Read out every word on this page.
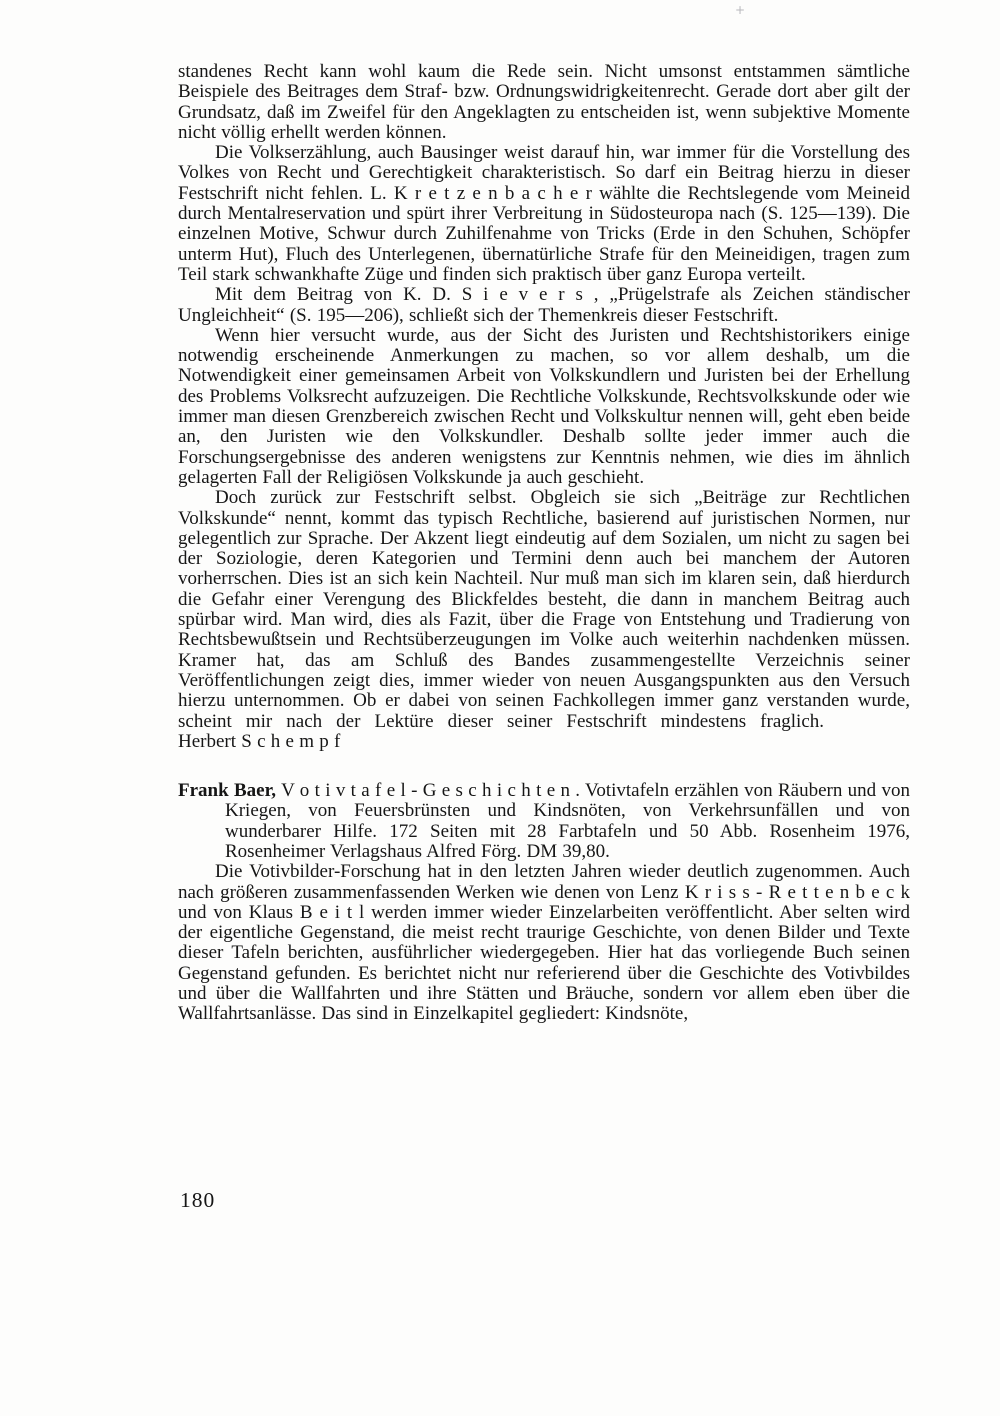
+

standenes Recht kann wohl kaum die Rede sein. Nicht umsonst entstammen sämtliche Beispiele des Beitrages dem Straf- bzw. Ordnungswidrigkeitenrecht. Gerade dort aber gilt der Grundsatz, daß im Zweifel für den Angeklagten zu entscheiden ist, wenn subjektive Momente nicht völlig erhellt werden können.

Die Volkserzählung, auch Bausinger weist darauf hin, war immer für die Vorstellung des Volkes von Recht und Gerechtigkeit charakteristisch. So darf ein Beitrag hierzu in dieser Festschrift nicht fehlen. L. K r e t z e n b a c h e r wählte die Rechtslegende vom Meineid durch Mentalreservation und spürt ihrer Verbreitung in Südosteuropa nach (S. 125—139). Die einzelnen Motive, Schwur durch Zuhilfenahme von Tricks (Erde in den Schuhen, Schöpfer unterm Hut), Fluch des Unterlegenen, übernatürliche Strafe für den Meineidigen, tragen zum Teil stark schwankhafte Züge und finden sich praktisch über ganz Europa verteilt.

Mit dem Beitrag von K. D. S i e v e r s , „Prügelstrafe als Zeichen ständischer Ungleichheit“ (S. 195—206), schließt sich der Themenkreis dieser Festschrift.

Wenn hier versucht wurde, aus der Sicht des Juristen und Rechtshistorikers einige notwendig erscheinende Anmerkungen zu machen, so vor allem deshalb, um die Notwendigkeit einer gemeinsamen Arbeit von Volkskundlern und Juristen bei der Erhellung des Problems Volksrecht aufzuzeigen. Die Rechtliche Volkskunde, Rechtsvolkskunde oder wie immer man diesen Grenzbereich zwischen Recht und Volkskultur nennen will, geht eben beide an, den Juristen wie den Volkskundler. Deshalb sollte jeder immer auch die Forschungsergebnisse des anderen wenigstens zur Kenntnis nehmen, wie dies im ähnlich gelagerten Fall der Religiösen Volkskunde ja auch geschieht.

Doch zurück zur Festschrift selbst. Obgleich sie sich „Beiträge zur Rechtlichen Volkskunde“ nennt, kommt das typisch Rechtliche, basierend auf juristischen Normen, nur gelegentlich zur Sprache. Der Akzent liegt eindeutig auf dem Sozialen, um nicht zu sagen bei der Soziologie, deren Kategorien und Termini denn auch bei manchem der Autoren vorherrschen. Dies ist an sich kein Nachteil. Nur muß man sich im klaren sein, daß hierdurch die Gefahr einer Verengung des Blickfeldes besteht, die dann in manchem Beitrag auch spürbar wird. Man wird, dies als Fazit, über die Frage von Entstehung und Tradierung von Rechtsbewußtsein und Rechtsüberzeugungen im Volke auch weiterhin nachdenken müssen. Kramer hat, das am Schluß des Bandes zusammengestellte Verzeichnis seiner Veröffentlichungen zeigt dies, immer wieder von neuen Ausgangspunkten aus den Versuch hierzu unternommen. Ob er dabei von seinen Fachkollegen immer ganz verstanden wurde, scheint mir nach der Lektüre dieser seiner Festschrift mindestens fraglich.Herbert S c h e m p f

Frank Baer, V o t i v t a f e l - G e s c h i c h t e n . Votivtafeln erzählen von Räubern und von Kriegen, von Feuersbrünsten und Kindsnöten, von Verkehrsunfällen und von wunderbarer Hilfe. 172 Seiten mit 28 Farbtafeln und 50 Abb. Rosenheim 1976, Rosenheimer Verlagshaus Alfred Förg. DM 39,80.

Die Votivbilder-Forschung hat in den letzten Jahren wieder deutlich zugenommen. Auch nach größeren zusammenfassenden Werken wie denen von Lenz K r i s s - R e t t e n b e c k und von Klaus B e i t l werden immer wieder Einzelarbeiten veröffentlicht. Aber selten wird der eigentliche Gegenstand, die meist recht traurige Geschichte, von denen Bilder und Texte dieser Tafeln berichten, ausführlicher wiedergegeben. Hier hat das vorliegende Buch seinen Gegenstand gefunden. Es berichtet nicht nur referierend über die Geschichte des Votivbildes und über die Wallfahrten und ihre Stätten und Bräuche, sondern vor allem eben über die Wallfahrtsanlässe. Das sind in Einzelkapitel gegliedert: Kindsnöte,

180
